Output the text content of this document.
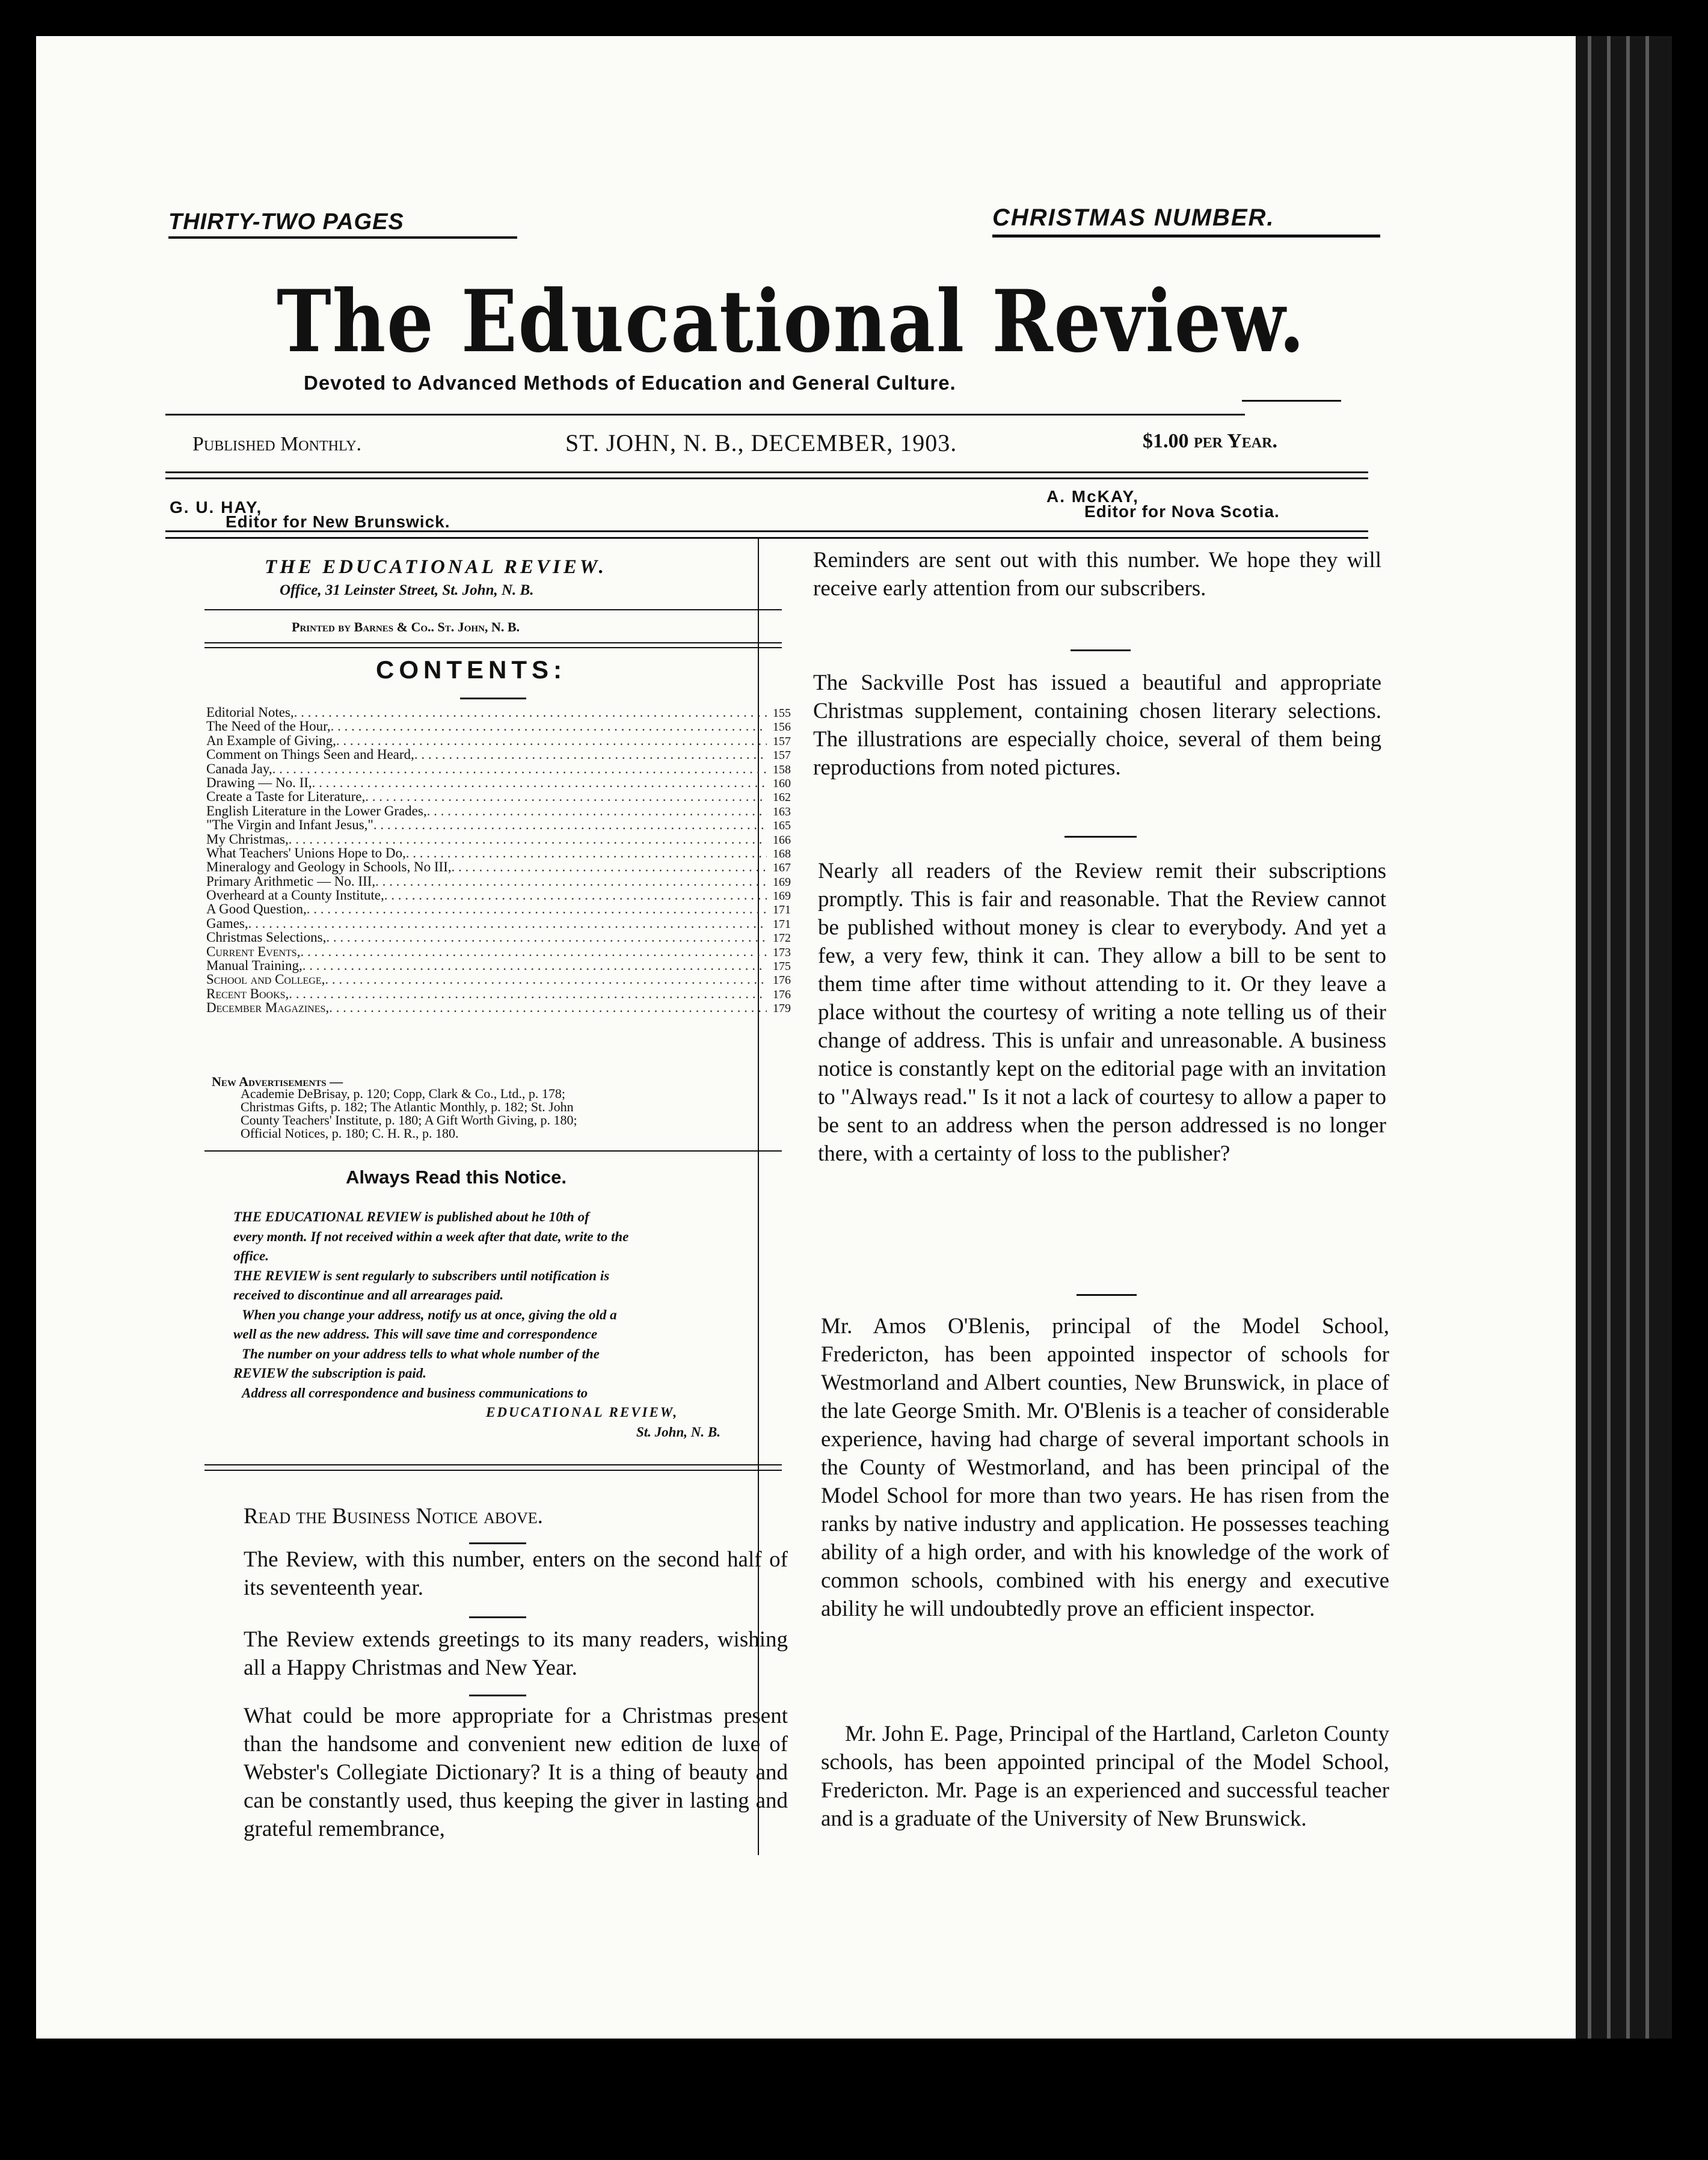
THIRTY-TWO PAGES	CHRISTMAS NUMBER.
The Educational Review.
Devoted to Advanced Methods of Education and General Culture.
Published Monthly.	ST. JOHN, N. B., DECEMBER, 1903.	$1.00 per Year.
G. U. HAY,
Editor for New Brunswick.
A. McKAY,
Editor for Nova Scotia.
THE EDUCATIONAL REVIEW.
Office, 31 Leinster Street, St. John, N. B.
Printed by Barnes & Co.. St. John, N. B.
CONTENTS:
Editorial Notes, . . .	155
The Need of the Hour, . . .	156
An Example of Giving, . . .	157
Comment on Things Seen and Heard, . . .	157
Canada Jay, . . .	158
Drawing — No. II, . . .	160
Create a Taste for Literature, . . .	162
English Literature in the Lower Grades, . . .	163
"The Virgin and Infant Jesus," . . .	165
My Christmas, . . .	166
What Teachers' Unions Hope to Do, . . .	168
Mineralogy and Geology in Schools, No III, . . .	167
Primary Arithmetic — No. III, . . .	169
Overheard at a County Institute, . . .	169
A Good Question, . . .	171
Games, . . .	171
Christmas Selections, . . .	172
Current Events, . . .	173
Manual Training, . . .	175
School and College, . . .	176
Recent Books, . . .	176
December Magazines, . . .	179
New Advertisements —
Academie DeBrisay, p. 120; Copp, Clark & Co., Ltd., p. 178;
Christmas Gifts, p. 182; The Atlantic Monthly, p. 182; St. John
County Teachers' Institute, p. 180; A Gift Worth Giving, p. 180;
Official Notices, p. 180; C. H. R., p. 180.
Always Read this Notice.

THE EDUCATIONAL REVIEW is published about he 10th of

every month. If not received within a week after that date, write to the

office.

THE REVIEW is sent regularly to subscribers until notification is

received to discontinue and all arrearages paid.

When you change your address, notify us at once, giving the old a

well as the new address. This will save time and correspondence

The number on your address tells to what whole number of the

REVIEW the subscription is paid.

Address all correspondence and business communications to

EDUCATIONAL REVIEW,

St. John, N. B.

Read the Business Notice above.

The Review, with this number, enters on the second half of its seventeenth year.

The Review extends greetings to its many readers, wishing all a Happy Christmas and New Year.

What could be more appropriate for a Christmas present than the handsome and convenient new edition de luxe of Webster's Collegiate Dictionary? It is a thing of beauty and can be constantly used, thus keeping the giver in lasting and grateful remembrance,

Reminders are sent out with this number. We hope they will receive early attention from our subscribers.

The Sackville Post has issued a beautiful and appropriate Christmas supplement, containing chosen literary selections. The illustrations are especially choice, several of them being reproductions from noted pictures.

Nearly all readers of the Review remit their subscriptions promptly. This is fair and reasonable. That the Review cannot be published without money is clear to everybody. And yet a few, a very few, think it can. They allow a bill to be sent to them time after time without attending to it. Or they leave a place without the courtesy of writing a note telling us of their change of address. This is unfair and unreasonable. A business notice is constantly kept on the editorial page with an invitation to "Always read." Is it not a lack of courtesy to allow a paper to be sent to an address when the person addressed is no longer there, with a certainty of loss to the publisher?

Mr. Amos O'Blenis, principal of the Model School, Fredericton, has been appointed inspector of schools for Westmorland and Albert counties, New Brunswick, in place of the late George Smith. Mr. O'Blenis is a teacher of considerable experience, having had charge of several important schools in the County of Westmorland, and has been principal of the Model School for more than two years. He has risen from the ranks by native industry and application. He possesses teaching ability of a high order, and with his knowledge of the work of common schools, combined with his energy and executive ability he will undoubtedly prove an efficient inspector.

Mr. John E. Page, Principal of the Hartland, Carleton County schools, has been appointed principal of the Model School, Fredericton. Mr. Page is an experienced and successful teacher and is a graduate of the University of New Brunswick.
